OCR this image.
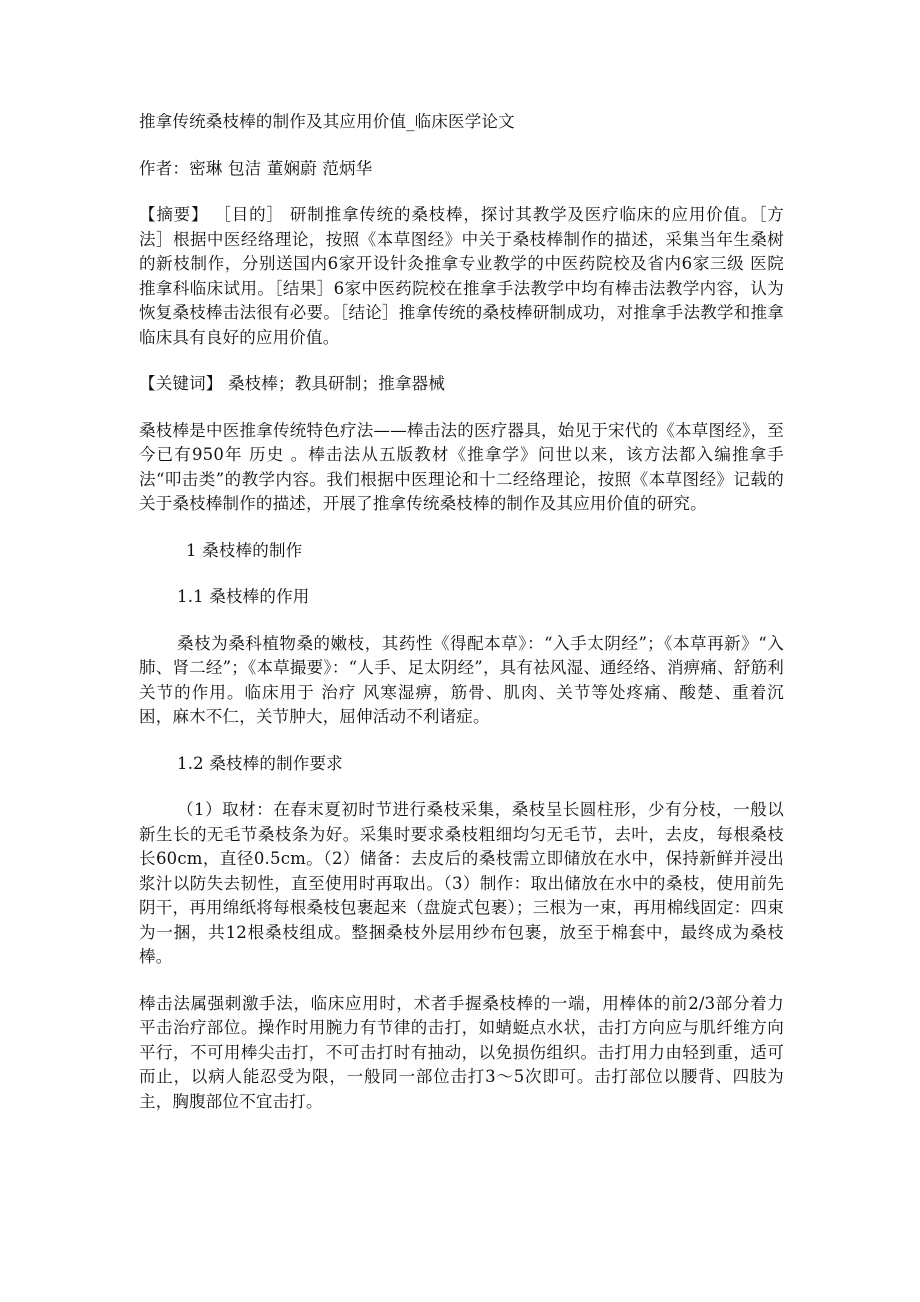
推拿传统桑枝棒的制作及其应用价值_临床医学论文

作者：密琳 包洁 董娴蔚 范炳华

【摘要】 ［目的］ 研制推拿传统的桑枝棒，探讨其教学及医疗临床的应用价值。［方法］根据中医经络理论，按照《本草图经》中关于桑枝棒制作的描述，采集当年生桑树的新枝制作，分别送国内6家开设针灸推拿专业教学的中医药院校及省内6家三级 医院 推拿科临床试用。［结果］6家中医药院校在推拿手法教学中均有棒击法教学内容，认为恢复桑枝棒击法很有必要。［结论］推拿传统的桑枝棒研制成功，对推拿手法教学和推拿临床具有良好的应用价值。

【关键词】 桑枝棒；教具研制；推拿器械

桑枝棒是中医推拿传统特色疗法——棒击法的医疗器具，始见于宋代的《本草图经》，至今已有950年 历史 。棒击法从五版教材《推拿学》问世以来，该方法都入编推拿手法“叩击类”的教学内容。我们根据中医理论和十二经络理论，按照《本草图经》记载的关于桑枝棒制作的描述，开展了推拿传统桑枝棒的制作及其应用价值的研究。

1 桑枝棒的制作

1.1 桑枝棒的作用

桑枝为桑科植物桑的嫩枝，其药性《得配本草》：“入手太阴经”；《本草再新》“入肺、肾二经”；《本草撮要》：“人手、足太阴经”，具有祛风湿、通经络、消痹痛、舒筋利关节的作用。临床用于 治疗 风寒湿痹，筋骨、肌肉、关节等处疼痛、酸楚、重着沉困，麻木不仁，关节肿大，屈伸活动不利诸症。

1.2 桑枝棒的制作要求

（1）取材：在春末夏初时节进行桑枝采集，桑枝呈长圆柱形，少有分枝，一般以新生长的无毛节桑枝条为好。采集时要求桑枝粗细均匀无毛节，去叶，去皮，每根桑枝长60cm，直径0.5cm。（2）储备：去皮后的桑枝需立即储放在水中，保持新鲜并浸出浆汁以防失去韧性，直至使用时再取出。（3）制作：取出储放在水中的桑枝，使用前先阴干，再用绵纸将每根桑枝包裹起来（盘旋式包裹）；三根为一束，再用棉线固定：四束为一捆，共12根桑枝组成。整捆桑枝外层用纱布包裹，放至于棉套中，最终成为桑枝棒。

棒击法属强刺激手法，临床应用时，术者手握桑枝棒的一端，用棒体的前2/3部分着力平击治疗部位。操作时用腕力有节律的击打，如蜻蜓点水状，击打方向应与肌纤维方向平行，不可用棒尖击打，不可击打时有抽动，以免损伤组织。击打用力由轻到重，适可而止，以病人能忍受为限，一般同一部位击打3～5次即可。击打部位以腰背、四肢为主，胸腹部位不宜击打。
